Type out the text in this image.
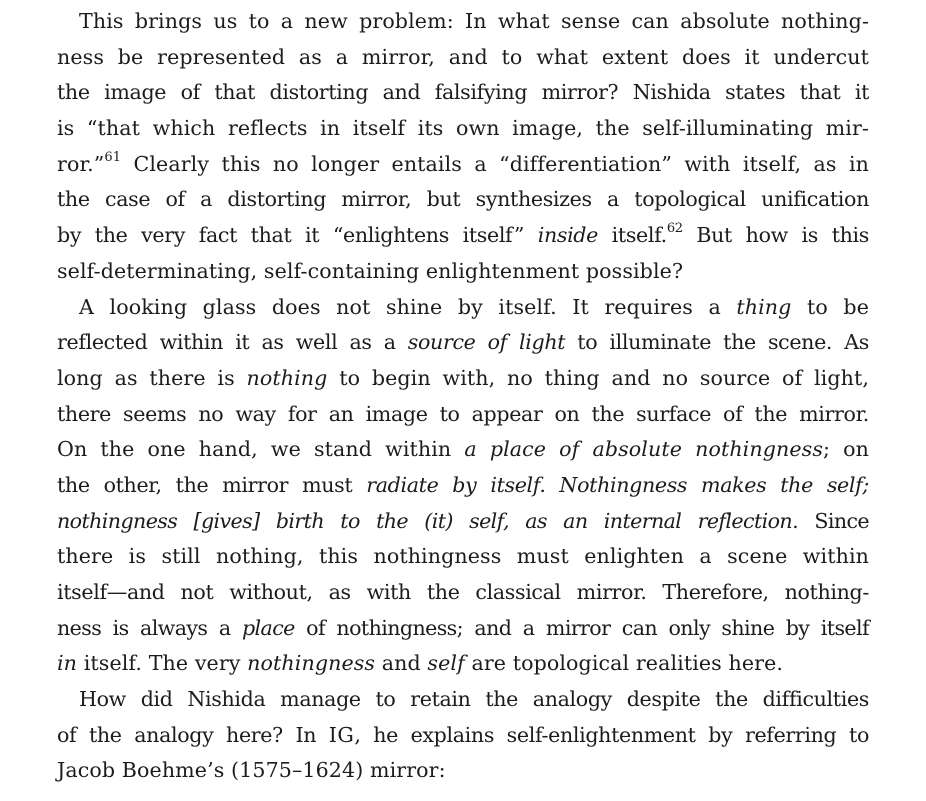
This brings us to a new problem: In what sense can absolute nothing-
ness be represented as a mirror, and to what extent does it undercut
the image of that distorting and falsifying mirror? Nishida states that it
is “that which reflects in itself its own image, the self-illuminating mir-
ror.”$^{61}$ Clearly this no longer entails a “differentiation” with itself, as in
the case of a distorting mirror, but synthesizes a topological unification
by the very fact that it “enlightens itself” inside itself.$^{62}$ But how is this
self-determinating, self-containing enlightenment possible?
A looking glass does not shine by itself. It requires a thing to be
reflected within it as well as a source of light to illuminate the scene. As
long as there is nothing to begin with, no thing and no source of light,
there seems no way for an image to appear on the surface of the mirror.
On the one hand, we stand within a place of absolute nothingness; on
the other, the mirror must radiate by itself. Nothingness makes the self;
nothingness [gives] birth to the (it) self, as an internal reflection. Since
there is still nothing, this nothingness must enlighten a scene within
itself—and not without, as with the classical mirror. Therefore, nothing-
ness is always a place of nothingness; and a mirror can only shine by itself
in itself. The very nothingness and self are topological realities here.
How did Nishida manage to retain the analogy despite the difficulties
of the analogy here? In IG, he explains self-enlightenment by referring to
Jacob Boehme’s (1575–1624) mirror:
